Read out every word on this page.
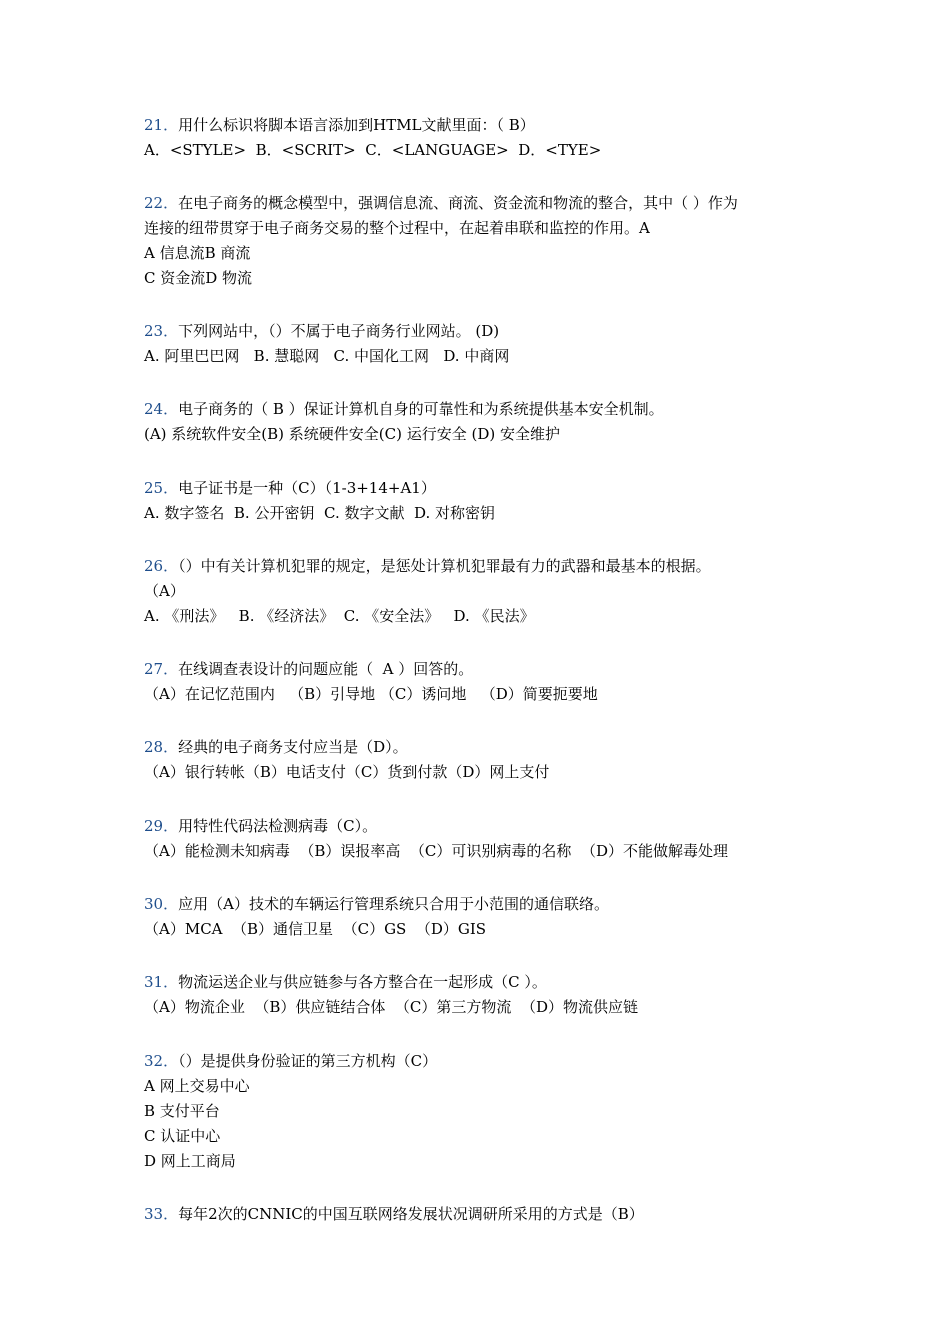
21．用什么标识将脚本语言添加到HTML文献里面：（ B）
A．<STYLE>  B．<SCRIT>  C．<LANGUAGE>  D．<TYE>
22．在电子商务的概念模型中，强调信息流、商流、资金流和物流的整合，其中（ ）作为
连接的纽带贯穿于电子商务交易的整个过程中，在起着串联和监控的作用。A
A 信息流B 商流
C 资金流D 物流
23．下列网站中，（）不属于电子商务行业网站。 (D)
A. 阿里巴巴网   B. 慧聪网   C. 中国化工网   D. 中商网
24．电子商务的（ B ）保证计算机自身的可靠性和为系统提供基本安全机制。
(A) 系统软件安全(B) 系统硬件安全(C) 运行安全 (D) 安全维护
25．电子证书是一种（C）（1-3+14+A1）
A. 数字签名  B. 公开密钥  C. 数字文献  D. 对称密钥
26．（）中有关计算机犯罪的规定，是惩处计算机犯罪最有力的武器和最基本的根据。
（A）
A. 《刑法》   B. 《经济法》  C. 《安全法》   D. 《民法》
27．在线调查表设计的问题应能（  A ）回答的。
（A）在记忆范围内   （B）引导地 （C）诱问地   （D）简要扼要地
28．经典的电子商务支付应当是（D）。
（A）银行转帐（B）电话支付（C）货到付款（D）网上支付
29．用特性代码法检测病毒（C）。
（A）能检测未知病毒  （B）误报率高  （C）可识别病毒的名称  （D）不能做解毒处理
30．应用（A）技术的车辆运行管理系统只合用于小范围的通信联络。
（A）MCA  （B）通信卫星  （C）GS  （D）GIS
31．物流运送企业与供应链参与各方整合在一起形成（C ）。
（A）物流企业  （B）供应链结合体  （C）第三方物流  （D）物流供应链
32．（）是提供身份验证的第三方机构（C）
A 网上交易中心
B 支付平台
C 认证中心
D 网上工商局
33．每年2次的CNNIC的中国互联网络发展状况调研所采用的方式是（B）
